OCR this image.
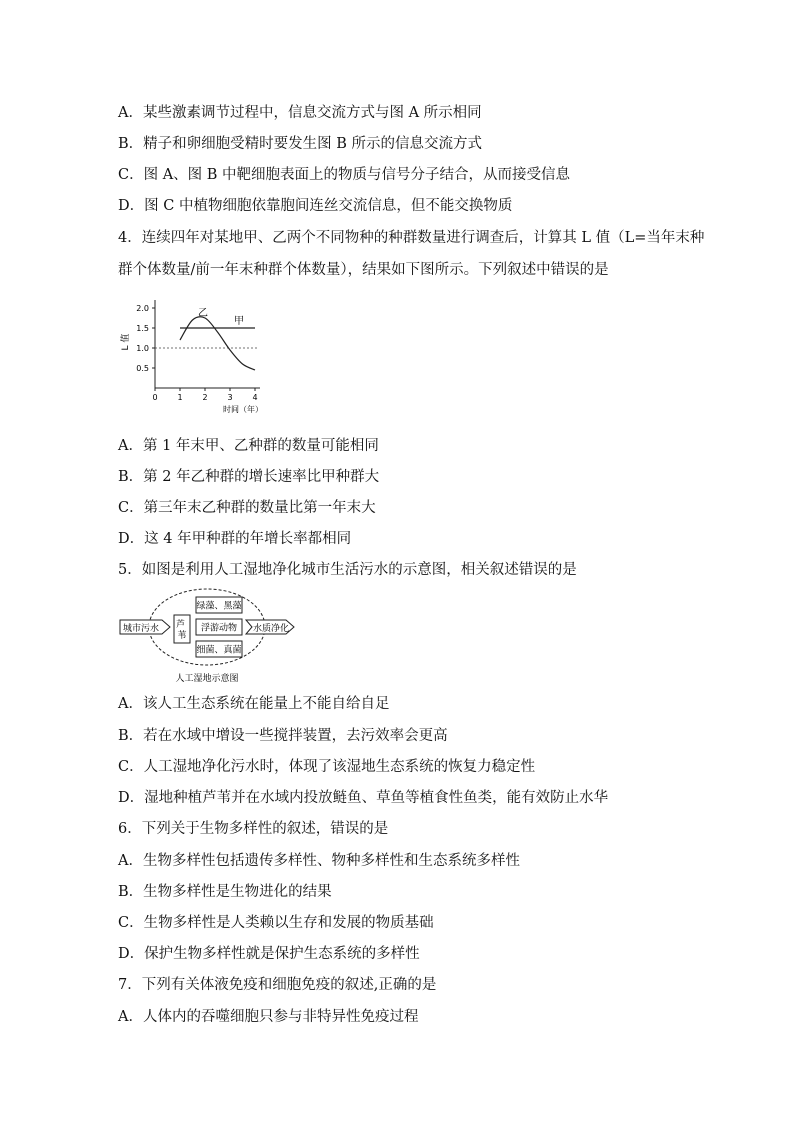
A．某些激素调节过程中，信息交流方式与图 A 所示相同
B．精子和卵细胞受精时要发生图 B 所示的信息交流方式
C．图 A、图 B 中靶细胞表面上的物质与信号分子结合，从而接受信息
D．图 C 中植物细胞依靠胞间连丝交流信息，但不能交换物质
4．连续四年对某地甲、乙两个不同物种的种群数量进行调查后，计算其 L 值（L=当年末种
群个体数量/前一年末种群个体数量），结果如下图所示。下列叙述中错误的是
L 值
0.5
1.0
1.5
2.0
0 1 2 3 4
甲
乙
时间（年）
A．第 1 年末甲、乙种群的数量可能相同
B．第 2 年乙种群的增长速率比甲种群大
C．第三年末乙种群的数量比第一年末大
D．这 4 年甲种群的年增长率都相同
5．如图是利用人工湿地净化城市生活污水的示意图，相关叙述错误的是
城市污水 芦 苇
绿藻、黑藻
浮游动物
细菌、真菌
水质净化
人工湿地示意图
A．该人工生态系统在能量上不能自给自足
B．若在水域中增设一些搅拌装置，去污效率会更高
C．人工湿地净化污水时，体现了该湿地生态系统的恢复力稳定性
D．湿地种植芦苇并在水域内投放鲢鱼、草鱼等植食性鱼类，能有效防止水华
6．下列关于生物多样性的叙述，错误的是
A．生物多样性包括遗传多样性、物种多样性和生态系统多样性
B．生物多样性是生物进化的结果
C．生物多样性是人类赖以生存和发展的物质基础
D．保护生物多样性就是保护生态系统的多样性
7．下列有关体液免疫和细胞免疫的叙述,正确的是
A．人体内的吞噬细胞只参与非特异性免疫过程
